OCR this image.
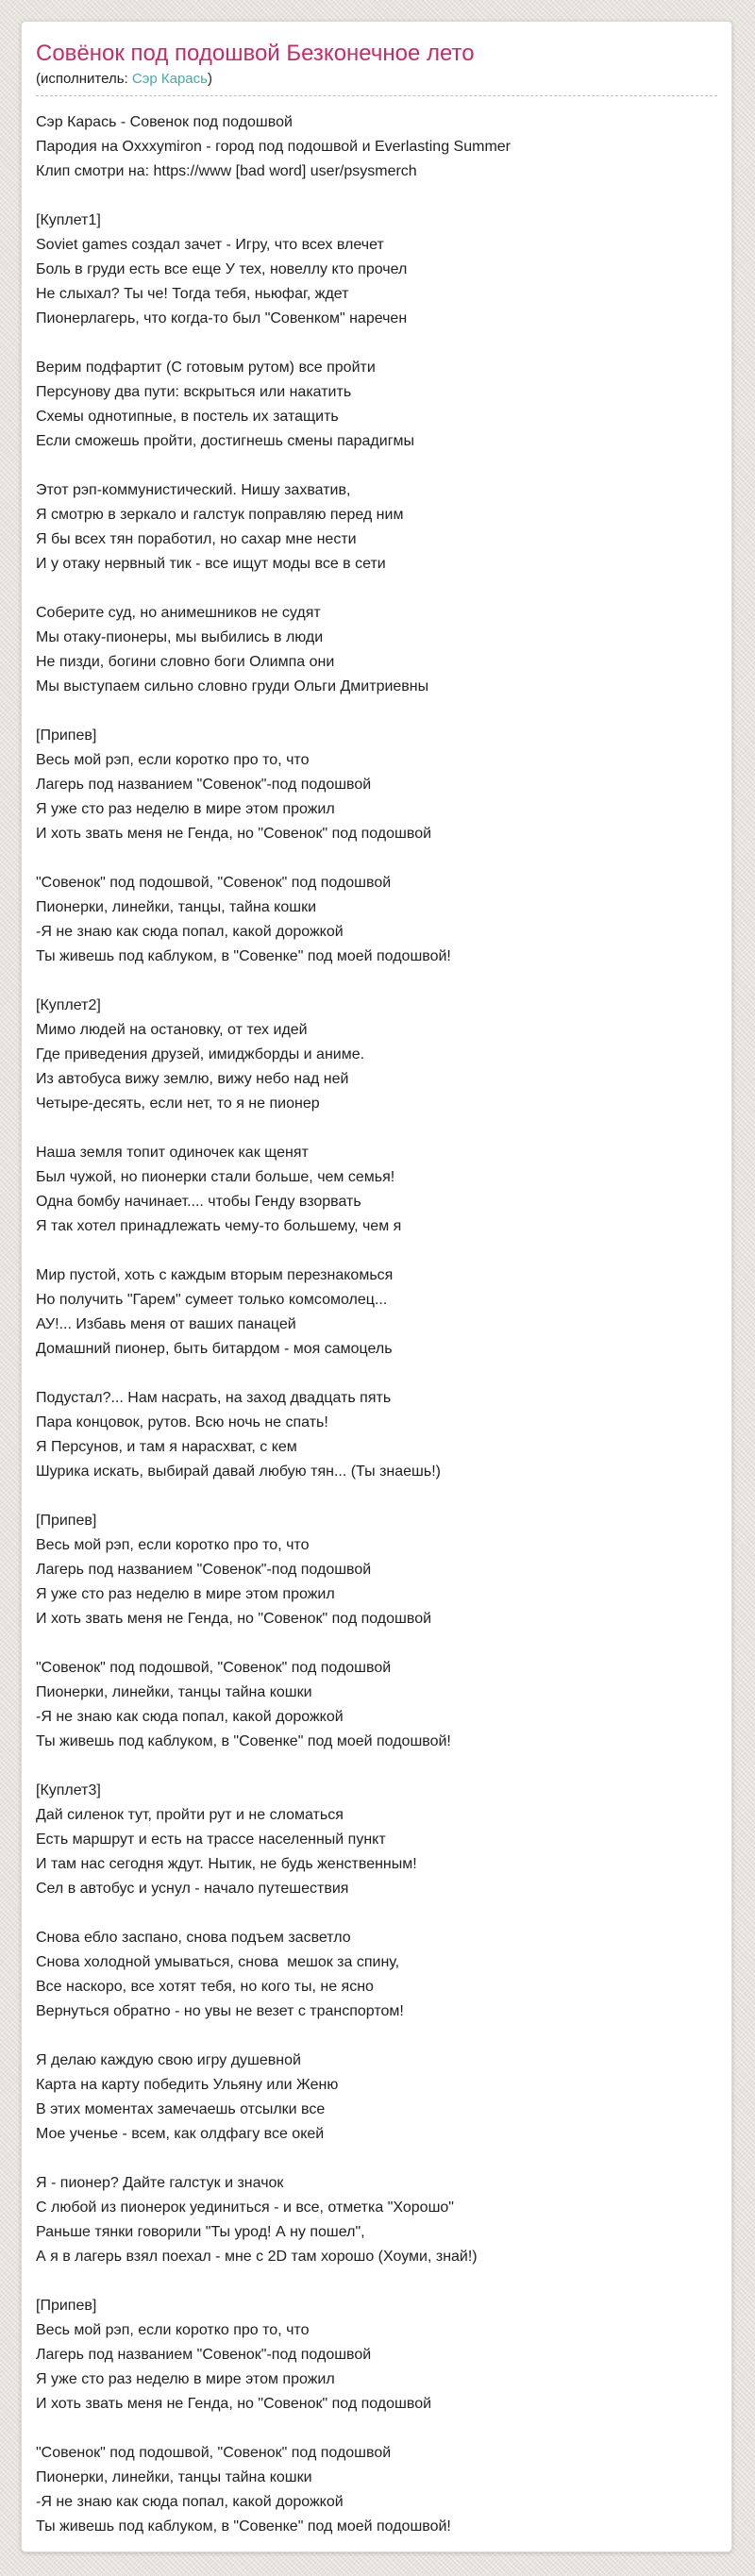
Совёнок под подошвой Безконечное лето
(исполнитель: Сэр Карась)
Сэр Карась - Совенок под подошвой
Пародия на Oxxxymiron - город под подошвой и Everlasting Summer
Клип смотри на: https://www [bad word] user/psysmerch
[Куплет1]
Soviet games создал зачет - Игру, что всех влечет
Боль в груди есть все еще У тех, новеллу кто прочел
Не слыхал? Ты че! Тогда тебя, ньюфаг, ждет
Пионерлагерь, что когда-то был "Совенком" наречен
Верим подфартит (С готовым рутом) все пройти
Персунову два пути: вскрыться или накатить
Схемы однотипные, в постель их затащить
Если сможешь пройти, достигнешь смены парадигмы
Этот рэп-коммунистический. Нишу захватив,
Я смотрю в зеркало и галстук поправляю перед ним
Я бы всех тян поработил, но сахар мне нести
И у отаку нервный тик - все ищут моды все в сети
Соберите суд, но анимешников не судят
Мы отаку-пионеры, мы выбились в люди
Не пизди, богини словно боги Олимпа они
Мы выступаем сильно словно груди Ольги Дмитриевны
[Припев]
Весь мой рэп, если коротко про то, что
Лагерь под названием "Совенок"-под подошвой
Я уже сто раз неделю в мире этом прожил
И хоть звать меня не Генда, но "Совенок" под подошвой
"Совенок" под подошвой, "Совенок" под подошвой
Пионерки, линейки, танцы, тайна кошки
-Я не знаю как сюда попал, какой дорожкой
Ты живешь под каблуком, в "Совенке" под моей подошвой!
[Куплет2]
Мимо людей на остановку, от тех идей
Где приведения друзей, имиджборды и аниме.
Из автобуса вижу землю, вижу небо над ней
Четыре-десять, если нет, то я не пионер
Наша земля топит одиночек как щенят
Был чужой, но пионерки стали больше, чем семья!
Одна бомбу начинает.... чтобы Генду взорвать
Я так хотел принадлежать чему-то большему, чем я
Мир пустой, хоть с каждым вторым перезнакомься
Но получить "Гарем" сумеет только комсомолец...
АУ!... Избавь меня от ваших панацей
Домашний пионер, быть битардом - моя самоцель
Подустал?... Нам насрать, на заход двадцать пять
Пара концовок, рутов. Всю ночь не спать!
Я Персунов, и там я нарасхват, с кем
Шурика искать, выбирай давай любую тян... (Ты знаешь!)
[Припев]
Весь мой рэп, если коротко про то, что
Лагерь под названием "Совенок"-под подошвой
Я уже сто раз неделю в мире этом прожил
И хоть звать меня не Генда, но "Совенок" под подошвой
"Совенок" под подошвой, "Совенок" под подошвой
Пионерки, линейки, танцы тайна кошки
-Я не знаю как сюда попал, какой дорожкой
Ты живешь под каблуком, в "Совенке" под моей подошвой!
[Куплет3]
Дай силенок тут, пройти рут и не сломаться
Есть маршрут и есть на трассе населенный пункт
И там нас сегодня ждут. Нытик, не будь женственным!
Сел в автобус и уснул - начало путешествия
Снова ебло заспано, снова подъем засветло
Снова холодной умываться, снова  мешок за спину,
Все наскоро, все хотят тебя, но кого ты, не ясно
Вернуться обратно - но увы не везет с транспортом!
Я делаю каждую свою игру душевной
Карта на карту победить Ульяну или Женю
В этих моментах замечаешь отсылки все
Мое ученье - всем, как олдфагу все окей
Я - пионер? Дайте галстук и значок
С любой из пионерок уединиться - и все, отметка "Хорошо"
Раньше тянки говорили "Ты урод! А ну пошел",
А я в лагерь взял поехал - мне с 2D там хорошо (Хоуми, знай!)
[Припев]
Весь мой рэп, если коротко про то, что
Лагерь под названием "Совенок"-под подошвой
Я уже сто раз неделю в мире этом прожил
И хоть звать меня не Генда, но "Совенок" под подошвой
"Совенок" под подошвой, "Совенок" под подошвой
Пионерки, линейки, танцы тайна кошки
-Я не знаю как сюда попал, какой дорожкой
Ты живешь под каблуком, в "Совенке" под моей подошвой!
